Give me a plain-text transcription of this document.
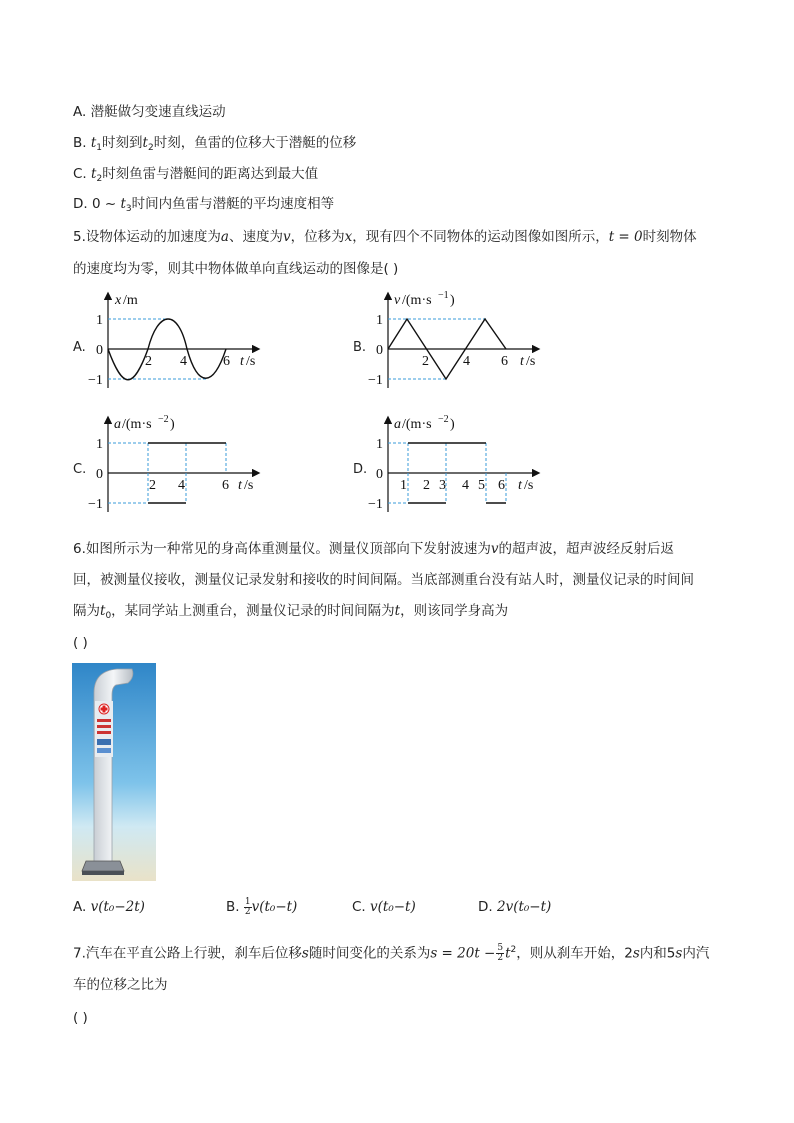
A. 潜艇做匀变速直线运动
B. $t_1$时刻到$t_2$时刻，鱼雷的位移大于潜艇的位移
C. $t_2$时刻鱼雷与潜艇间的距离达到最大值
D. 0 ~ $t_3$时间内鱼雷与潜艇的平均速度相等
5.设物体运动的加速度为a、速度为v，位移为x，现有四个不同物体的运动图像如图所示，t = 0时刻物体
的速度均为零，则其中物体做单向直线运动的图像是( )
A.
x /m
1
0
−1
2 4	6 t /s
B.
v /(m·s −1 )
1
0
−1
2 4 6 t /s
C.
a /(m·s −2 )
1
0
−1
2 4	6 t /s
D.
a /(m·s −2 )
1
0
−1
1 2 3 4 5 6 t /s
6.如图所示为一种常见的身高体重测量仪。测量仪顶部向下发射波速为v的超声波，超声波经反射后返
回，被测量仪接收，测量仪记录发射和接收的时间间隔。当底部测重台没有站人时，测量仪记录的时间间
隔为$t_0$，某同学站上测重台，测量仪记录的时间间隔为t，则该同学身高为
( )
A. v(t₀−2t)	B. $\frac{1}{2} v(t_0-t)$	C. v(t₀−t)	D. 2v(t₀−t)
7.汽车在平直公路上行驶，刹车后位移s随时间变化的关系为$s = 20t - \frac{5}{2} t^2$，则从刹车开始，2s内和5s内汽
车的位移之比为
( )
